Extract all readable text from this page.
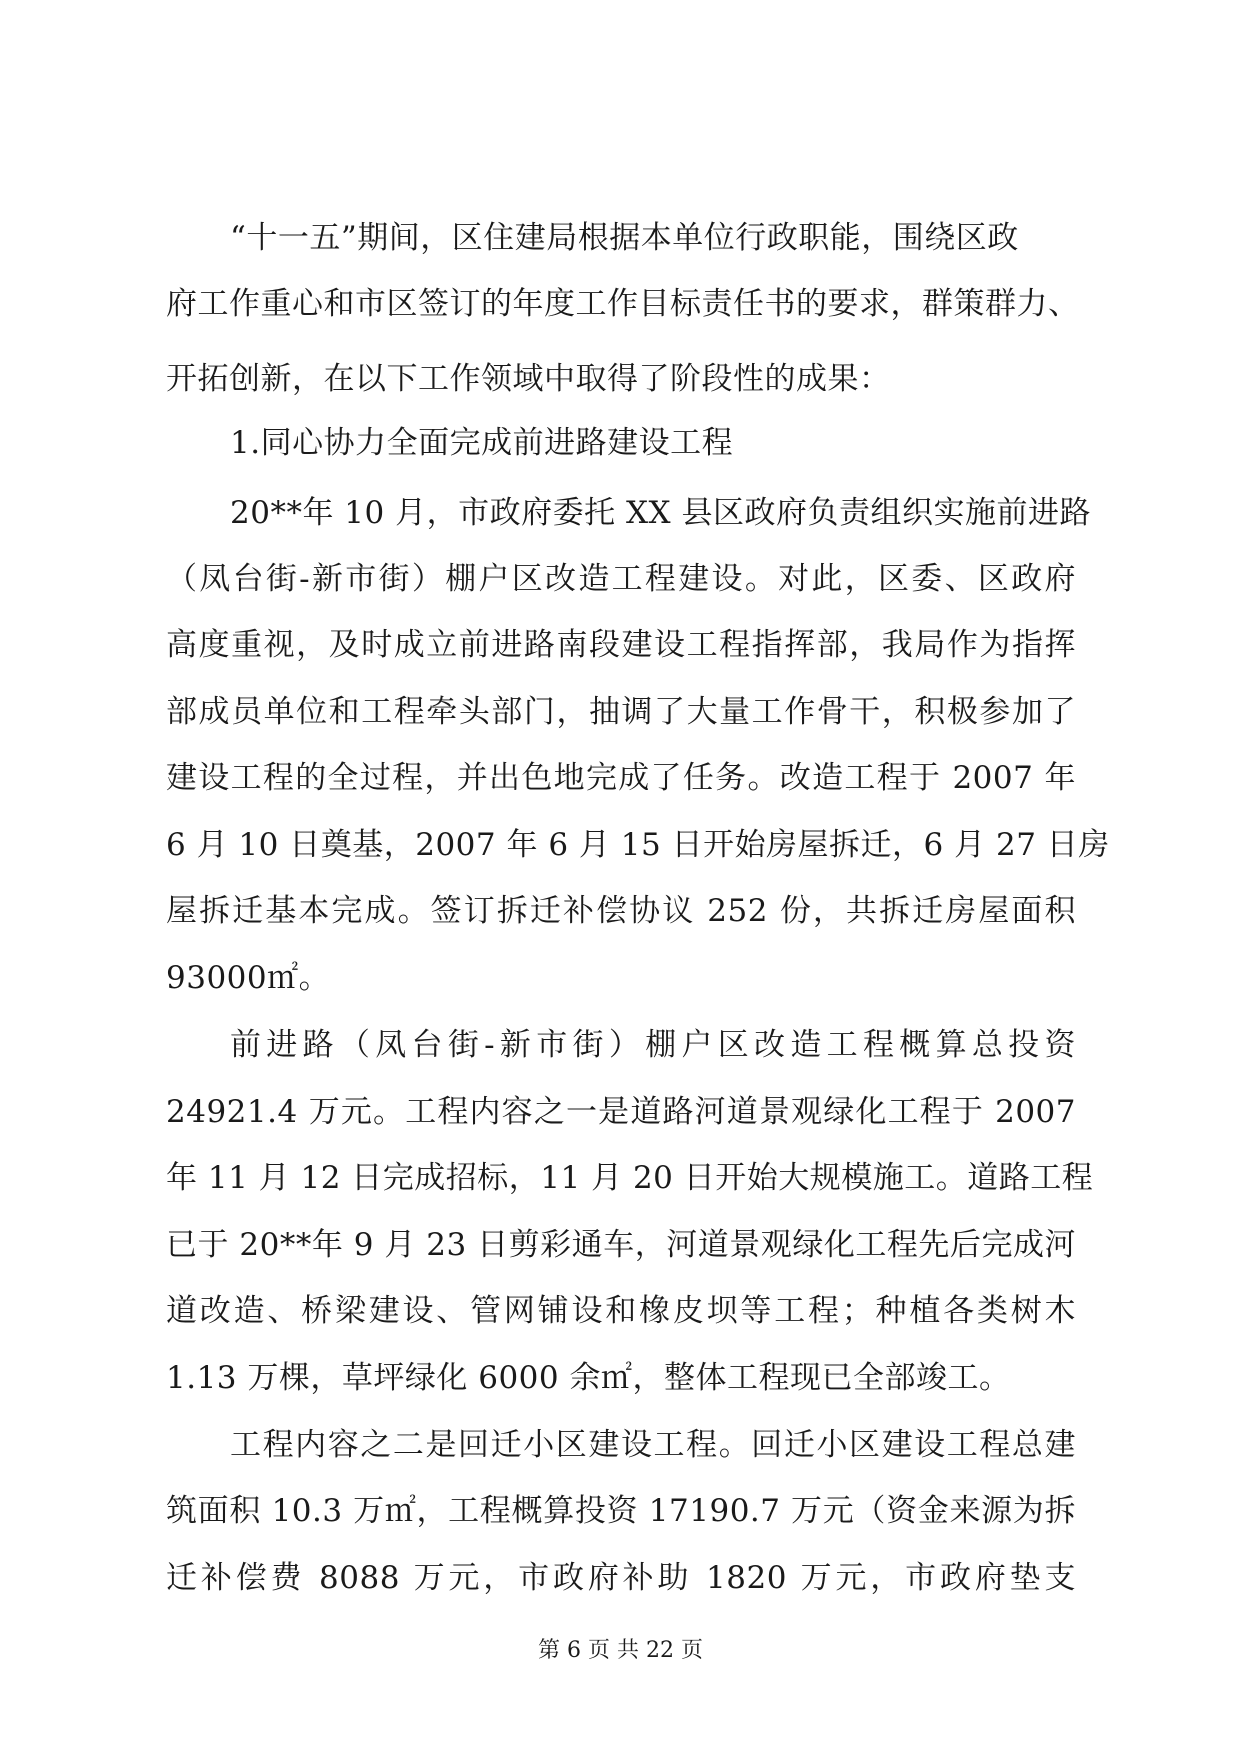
“十一五”期间，区住建局根据本单位行政职能，围绕区政
府工作重心和市区签订的年度工作目标责任书的要求，群策群力、
开拓创新，在以下工作领域中取得了阶段性的成果：
1.同心协力全面完成前进路建设工程
20**年 10 月，市政府委托 XX 县区政府负责组织实施前进路
（凤台街-新市街）棚户区改造工程建设。对此，区委、区政府
高度重视，及时成立前进路南段建设工程指挥部，我局作为指挥
部成员单位和工程牵头部门，抽调了大量工作骨干，积极参加了
建设工程的全过程，并出色地完成了任务。改造工程于 2007 年
6 月 10 日奠基，2007 年 6 月 15 日开始房屋拆迁，6 月 27 日房
屋拆迁基本完成。签订拆迁补偿协议 252 份，共拆迁房屋面积
93000㎡。
前进路（凤台街-新市街）棚户区改造工程概算总投资
24921.4 万元。工程内容之一是道路河道景观绿化工程于 2007
年 11 月 12 日完成招标，11 月 20 日开始大规模施工。道路工程
已于 20**年 9 月 23 日剪彩通车，河道景观绿化工程先后完成河
道改造、桥梁建设、管网铺设和橡皮坝等工程；种植各类树木
1.13 万棵，草坪绿化 6000 余㎡，整体工程现已全部竣工。
工程内容之二是回迁小区建设工程。回迁小区建设工程总建
筑面积 10.3 万㎡，工程概算投资 17190.7 万元（资金来源为拆
迁补偿费 8088 万元，市政府补助 1820 万元，市政府垫支
第 6 页 共 22 页
